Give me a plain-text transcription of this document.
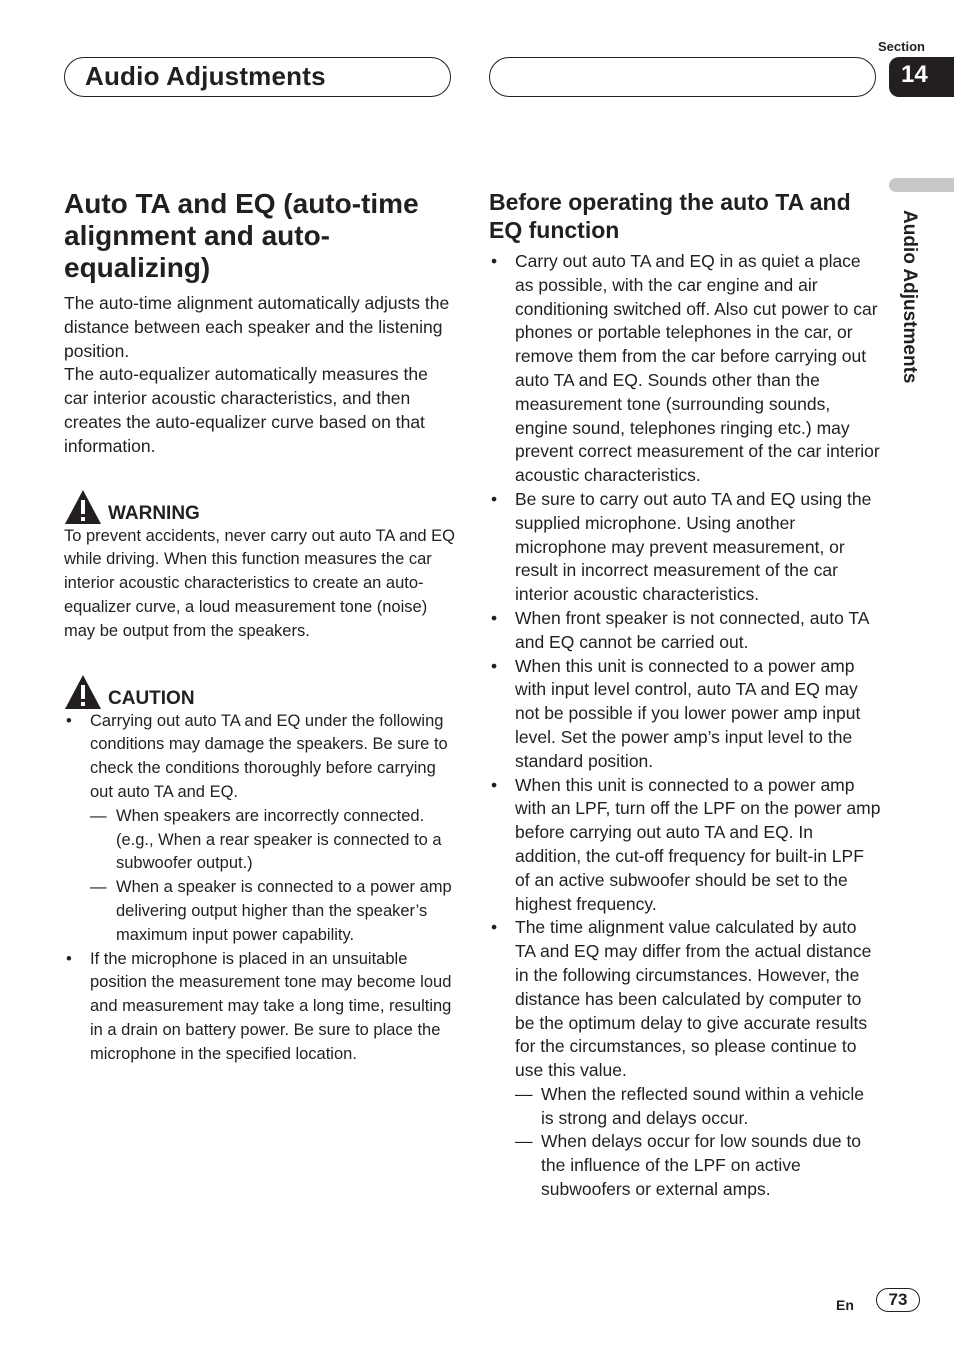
Audio Adjustments
Section
14
Audio Adjustments
Auto TA and EQ (auto-time alignment and auto-equalizing)

The auto-time alignment automatically adjusts the distance between each speaker and the listening position.

The auto-equalizer automatically measures the car interior acoustic characteristics, and then creates the auto-equalizer curve based on that information.

WARNING

To prevent accidents, never carry out auto TA and EQ while driving. When this function measures the car interior acoustic characteristics to create an auto-equalizer curve, a loud measurement tone (noise) may be output from the speakers.

CAUTION
• Carrying out auto TA and EQ under the following conditions may damage the speakers. Be sure to check the conditions thoroughly before carrying out auto TA and EQ.
— When speakers are incorrectly connected. (e.g., When a rear speaker is connected to a subwoofer output.)
— When a speaker is connected to a power amp delivering output higher than the speaker’s maximum input power capability.
• If the microphone is placed in an unsuitable position the measurement tone may become loud and measurement may take a long time, resulting in a drain on battery power. Be sure to place the microphone in the specified location.
Before operating the auto TA and EQ function
• Carry out auto TA and EQ in as quiet a place as possible, with the car engine and air conditioning switched off. Also cut power to car phones or portable telephones in the car, or remove them from the car before carrying out auto TA and EQ. Sounds other than the measurement tone (surrounding sounds, engine sound, telephones ringing etc.) may prevent correct measurement of the car interior acoustic characteristics.
• Be sure to carry out auto TA and EQ using the supplied microphone. Using another microphone may prevent measurement, or result in incorrect measurement of the car interior acoustic characteristics.
• When front speaker is not connected, auto TA and EQ cannot be carried out.
• When this unit is connected to a power amp with input level control, auto TA and EQ may not be possible if you lower power amp input level. Set the power amp’s input level to the standard position.
• When this unit is connected to a power amp with an LPF, turn off the LPF on the power amp before carrying out auto TA and EQ. In addition, the cut-off frequency for built-in LPF of an active subwoofer should be set to the highest frequency.
• The time alignment value calculated by auto TA and EQ may differ from the actual distance in the following circumstances. However, the distance has been calculated by computer to be the optimum delay to give accurate results for the circumstances, so please continue to use this value.
— When the reflected sound within a vehicle is strong and delays occur.
— When delays occur for low sounds due to the influence of the LPF on active subwoofers or external amps.
En	73
